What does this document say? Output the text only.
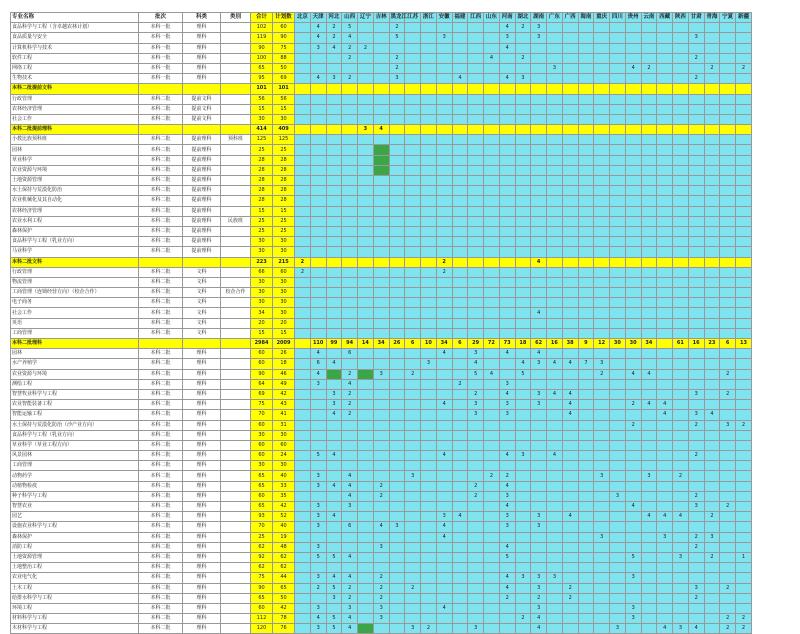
专业名称	批次	科类	类别	合计	计划数	北京	天津	河北	山西	辽宁	吉林	黑龙江	江苏	浙江	安徽	福建	江西	山东	河南	湖北	湖南	广东	广西	海南	重庆	四川	贵州	云南	西藏	陕西	甘肃	青海	宁夏	新疆
食品科学与工程（含卓越农林计划）	本科一批	理科		102	60		4	2	5			2							4	2	3													
食品质量与安全	本科一批	理科		119	90		4	2	4			5			3				3		3										3			
计算机科学与技术	本科一批	理科		90	75		3	4	2	2									4															
软件工程	本科一批	理科		100	88				2			2						4		2											2			
网络工程	本科一批	理科		65	50							2										3					4	2				2		2
生物技术	本科一批	理科		95	69		4	3	2			3				4			4	3											2			
本科二批提前文科				101	101																													
行政管理	本科二批	提前文科		56	56																													
农林经济管理	本科二批	提前文科		15	15																													
社会工作	本科二批	提前文科		30	30																													
本科二批提前理科				414	409					3	4																							
小教比族预科班	本科二批	提前理科	预科班	125	125																													
园林	本科二批	提前理科		25	25																													
草业科学	本科二批	提前理科		28	28																													
农业资源与环境	本科二批	提前理科		28	28																													
土地资源管理	本科二批	提前理科		28	28																													
水土保持与荒漠化防治	本科二批	提前理科		28	28																													
农业机械化及其自动化	本科二批	提前理科		28	28																													
农林经济管理	本科二批	提前理科		15	15																													
农业水利工程	本科二批	提前理科	民族班	25	25																													
森林保护	本科二批	提前理科		25	25																													
食品科学与工程（乳业方向）	本科二批	提前理科		30	30																													
马业科学	本科二批	提前理科		30	30																													
本科二批文科				223	215	2									2						4													
行政管理	本科二批	文科		66	60	2									2																			
物流管理	本科二批	文科		30	30																													
工商管理（连锁经营方向）（校企合作）	本科二批	文科	校企合作	30	30																													
电子商务	本科二批	文科		30	30																													
社会工作	本科二批	文科		34	30																4													
英语	本科二批	文科		20	20																													
工商管理	本科二批	文科		15	15																													
本科二批理科				2984	2009		110	99	94	14	34	26	6	10	34	6	29	72	73	18	62	16	38	9	12	30	30	34		61	16	23	6	13
园林	本科二批	理科		60	26		4		6						4		3		4		4													
水产养殖学	本科二批	理科		60	18		6	4						3			4			4	3	4	4	7	3									
农业资源与环境	本科二批	理科		90	46		4		2		3		2				5	4		5					2		4	4					2	
测绘工程	本科二批	理科		64	49		3		4							2			3															
智慧牧业科学与工程	本科二批	理科		69	42			3	2								2		4		3	4	4								3		2	
农业智能装备工程	本科二批	理科		75	43			3	2						4		3		3		3		4				2	4	4					
智能运输工程	本科二批	理科		70	41			4	2								3		3				4						4		3	4		
水土保持与荒漠化防治（沙产业方向）	本科二批	理科		60	31																						2				2		3	2
食品科学与工程（乳业方向）	本科二批	理科		30	30																													
草业科学（草业工程方向）	本科二批	理科		60	60																													
风景园林	本科二批	理科		60	24		5	4							4				4	3		4									2			
工商管理	本科二批	理科		30	30																													
动物药学	本科二批	理科		65	40		3		4				3					2	2						3			3		2				
动植物检疫	本科二批	理科		65	33		3	4	4		2						2		4															
种子科学与工程	本科二批	理科		60	35				4		2						2		3							3					2			
智慧农业	本科二批	理科		65	42		3		3										4								4				3		2	
园艺	本科二批	理科		93	52		3	4							3	4			3		3		4					4	4	4		2		
设施农业科学与工程	本科二批	理科		70	40		3		6		4	3			4				3		3													
森林保护	本科二批	理科		25	19										4										3				3		2	3		
消防工程	本科二批	理科		62	48		3				3								4												2			
土地资源管理	本科二批	理科		92	62		5	5	4										5								5			3		2		1
土地整治工程	本科二批	理科		62	62																													
农业电气化	本科二批	理科		75	44		3	4	4		2								4	3	3	3					3							
土木工程	本科二批	理科		90	65		2	5	2		2		2						4		3		2								3		2	
给排水科学与工程	本科二批	理科		65	50			3	2		2								2		2		2								2			
环境工程	本科二批	理科		60	42		3		3		3				4						3						3							
材料科学与工程	本科二批	理科		112	78		4	5	4		3									2	4						3						2	2
木材科学与工程	本科二批	理科		120	76		3	5	4				3	2			3				4					3			4	3	4		2	2
